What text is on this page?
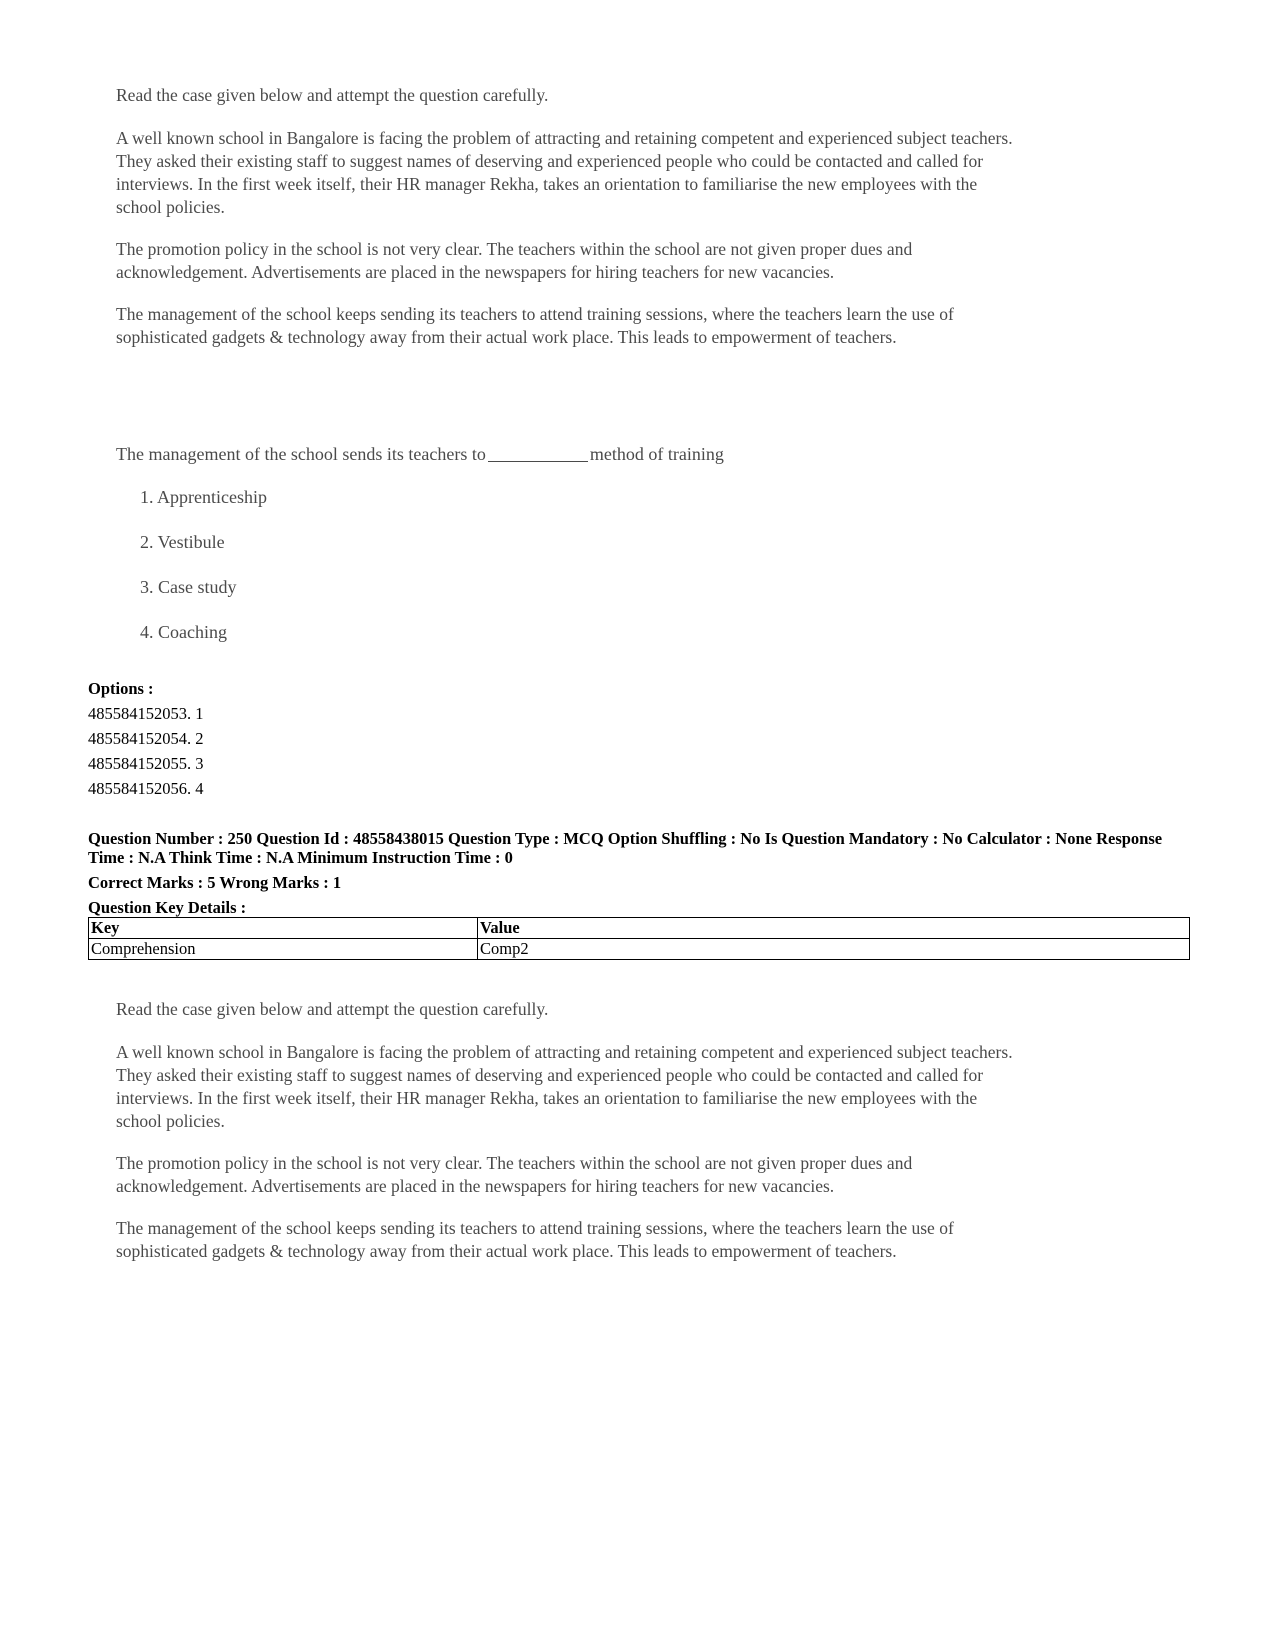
Read the case given below and attempt the question carefully.

A well known school in Bangalore is facing the problem of attracting and retaining competent and experienced subject teachers. They asked their existing staff to suggest names of deserving and experienced people who could be contacted and called for interviews. In the first week itself, their HR manager Rekha, takes an orientation to familiarise the new employees with the school policies.

The promotion policy in the school is not very clear. The teachers within the school are not given proper dues and acknowledgement. Advertisements are placed in the newspapers for hiring teachers for new vacancies.

The management of the school keeps sending its teachers to attend training sessions, where the teachers learn the use of sophisticated gadgets & technology away from their actual work place. This leads to empowerment of teachers.

The management of the school sends its teachers to	method of training
1. Apprenticeship
2. Vestibule
3. Case study
4. Coaching
Options :
485584152053. 1
485584152054. 2
485584152055. 3
485584152056. 4
Question Number : 250 Question Id : 48558438015 Question Type : MCQ Option Shuffling : No Is Question Mandatory : No Calculator : None Response Time : N.A Think Time : N.A Minimum Instruction Time : 0
Correct Marks : 5 Wrong Marks : 1
Question Key Details :
Key	Value
Comprehension	Comp2

Read the case given below and attempt the question carefully.

A well known school in Bangalore is facing the problem of attracting and retaining competent and experienced subject teachers. They asked their existing staff to suggest names of deserving and experienced people who could be contacted and called for interviews. In the first week itself, their HR manager Rekha, takes an orientation to familiarise the new employees with the school policies.

The promotion policy in the school is not very clear. The teachers within the school are not given proper dues and acknowledgement. Advertisements are placed in the newspapers for hiring teachers for new vacancies.

The management of the school keeps sending its teachers to attend training sessions, where the teachers learn the use of sophisticated gadgets & technology away from their actual work place. This leads to empowerment of teachers.
